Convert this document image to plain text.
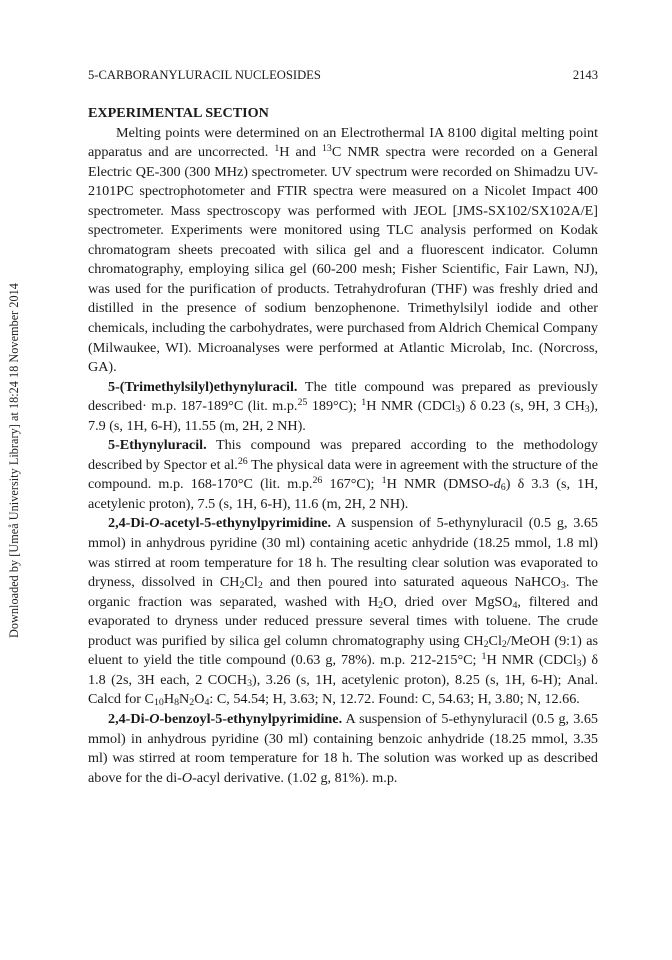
Downloaded by [Umeå University Library] at 18:24 18 November 2014
5-CARBORANYLURACIL NUCLEOSIDES	2143

EXPERIMENTAL SECTION

Melting points were determined on an Electrothermal IA 8100 digital melting point apparatus and are uncorrected. $^1$H and $^{13}$C NMR spectra were recorded on a General Electric QE-300 (300 MHz) spectrometer. UV spectrum were recorded on Shimadzu UV-2101PC spectrophotometer and FTIR spectra were measured on a Nicolet Impact 400 spectrometer. Mass spectroscopy was performed with JEOL [JMS-SX102/SX102A/E] spectrometer. Experiments were monitored using TLC analysis performed on Kodak chromatogram sheets precoated with silica gel and a fluorescent indicator. Column chromatography, employing silica gel (60-200 mesh; Fisher Scientific, Fair Lawn, NJ), was used for the purification of products. Tetrahydrofuran (THF) was freshly dried and distilled in the presence of sodium benzophenone. Trimethylsilyl iodide and other chemicals, including the carbohydrates, were purchased from Aldrich Chemical Company (Milwaukee, WI). Microanalyses were performed at Atlantic Microlab, Inc. (Norcross, GA).

5-(Trimethylsilyl)ethynyluracil. The title compound was prepared as previously described· m.p. 187-189°C (lit. m.p.$^{25}$ 189°C); $^1$H NMR (CDCl$_3$) δ 0.23 (s, 9H, 3 $CH_3$), 7.9 (s, 1H, 6-H), 11.55 (m, 2H, 2 NH).

5-Ethynyluracil. This compound was prepared according to the methodology described by Spector et al.$^{26}$ The physical data were in agreement with the structure of the compound. m.p. 168-170°C (lit. m.p.$^{26}$ 167°C); $^1$H NMR $(DMSO-d_6)$ δ 3.3 (s, 1H, acetylenic proton), 7.5 (s, 1H, 6-H), 11.6 (m, 2H, 2 NH).

2,4-Di-O-acetyl-5-ethynylpyrimidine. A suspension of 5-ethynyluracil (0.5 g, 3.65 mmol) in anhydrous pyridine (30 ml) containing acetic anhydride (18.25 mmol, 1.8 ml) was stirred at room temperature for 18 h. The resulting clear solution was evaporated to dryness, dissolved in $CH_2Cl_2$ and then poured into saturated aqueous NaHCO$_3$. The organic fraction was separated, washed with $H_2O$, dried over MgSO$_4$, filtered and evaporated to dryness under reduced pressure several times with toluene. The crude product was purified by silica gel column chromatography using $CH_2Cl_2$/MeOH (9:1) as eluent to yield the title compound (0.63 g, 78%). m.p. 212-215°C; $^1$H NMR (CDCl$_3$) δ 1.8 (2s, 3H each, 2 $COCH_3$), 3.26 (s, 1H, acetylenic proton), 8.25 (s, 1H, 6-H); Anal. Calcd for $C_{10}H_8N_2O_4$: C, 54.54; H, 3.63; N, 12.72. Found: C, 54.63; H, 3.80; N, 12.66.

2,4-Di-O-benzoyl-5-ethynylpyrimidine. A suspension of 5-ethynyluracil (0.5 g, 3.65 mmol) in anhydrous pyridine (30 ml) containing benzoic anhydride (18.25 mmol, 3.35 ml) was stirred at room temperature for 18 h. The solution was worked up as described above for the di-O-acyl derivative. (1.02 g, 81%). m.p.
